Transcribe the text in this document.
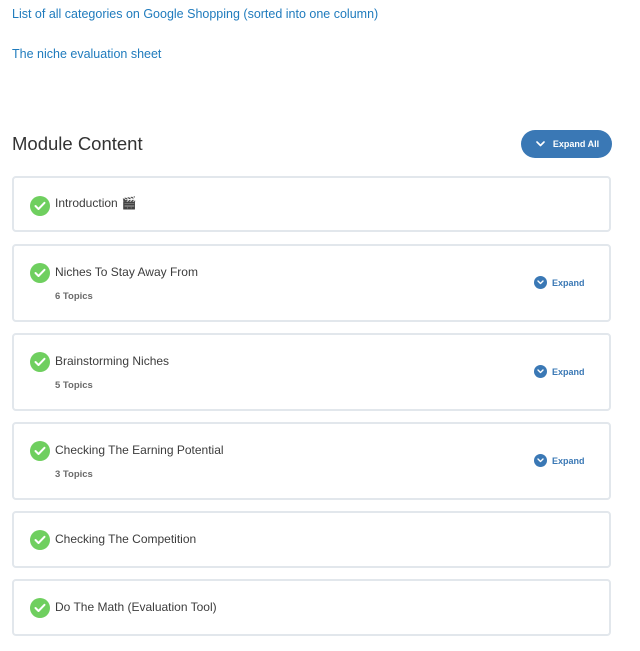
List of all categories on Google Shopping (sorted into one column)
The niche evaluation sheet
Module Content	Expand All
Introduction 🎬
Niches To Stay Away From
6 Topics
Expand
Brainstorming Niches
5 Topics
Expand
Checking The Earning Potential
3 Topics
Expand
Checking The Competition
Do The Math (Evaluation Tool)
